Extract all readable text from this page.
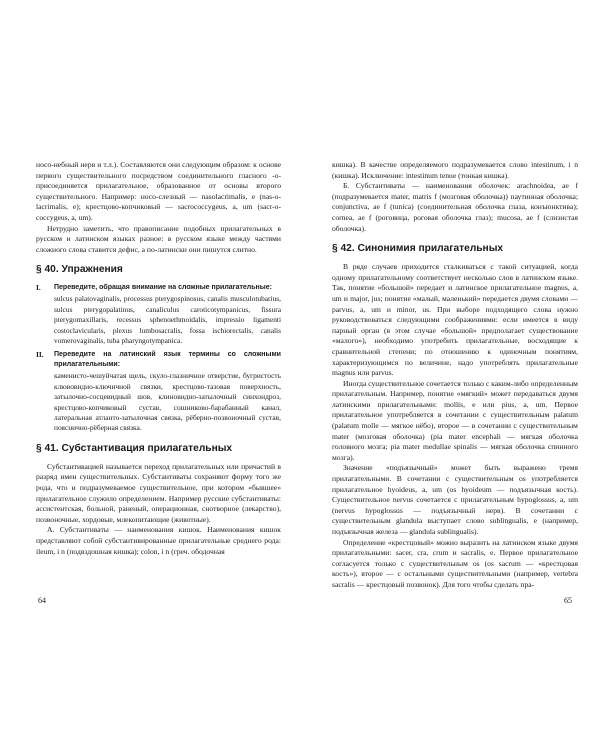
носо-небный нерв и т.л.). Составляются они следующим образом: к основе первого существительного посредством соединительного гласного -о- присоединяется прилагательное, образованное от основы второго существительного. Например: носо-слезный — nasolacrimalis, e (nas-o-lacrimalis, e); крестцово-копчиковый — sacrococcygeus, a, um (sacr-o-coccygeus, a, um).

Нетрудно заметить, что правописание подобных прилагательных в русском и латинском языках разное: в русском языке между частями сложного слова ставится дефис, а по-латински они пишутся слитно.

§ 40. Упражнения
I.	Переведите, обращая внимание на сложные прилагательные:
sulcus palatovaginalis, processus pterygospinosus, canalis musculotubarius, sulcus pterygopalatinus, canaliculus caroticotympanicus, fissura pterygomaxillaris, recessus sphenoethmoidalis, impressio ligamenti costoclavicularis, plexus lumbosacralis, fossa ischiorectalis, canalis vomerovaginalis, tuba pharyngotympanica.
II.	Переведите на латинский язык термины со сложными прилагательными:
каменисто-чешуйчатая щель, скуло-глазничное отверстие, бугристость клювовидно-ключичной связки, крестцово-тазовая поверхность, затылочно-сосцевидный шов, клиновидно-затылочный синхондроз, крестцово-копчиковый сустав, сошниково-барабанный канал, латеральная атланто-затылочная связка, рёберно-позвоночный сустав, пояснично-рёберная связка.
§ 41. Субстантивация прилагательных

Субстантивацией называется переход прилагательных или причастий в разряд имен существительных. Субстантиваты сохраняют форму того же рода, что и подразумеваемое существительное, при котором «бывшее» прилагательное служило определением. Например русские субстантиваты: ассистентская, больной, раненый, операционная, снотворное (лекарство), позвоночные, хордовые, млекопитающие (животные).

А. Субстантиваты — наименования кишок. Наименования кишок представляют собой субстантивированные прилагательные среднего рода: ileum, i n (подвздошная кишка); colon, i n (греч. ободочная

64

кишка). В качестве определяемого подразумевается слово intestinum, i n (кишка). Исключение: intestinum tenue (тонкая кишка).

Б. Субстантиваты — наименования оболочек: arachnoidea, ae f (подразумевается mater, matris f (мозговая оболочка)) паутинная оболочка; conjunctiva, ae f (tunica) (соединительная оболочка глаза, конъюнктива); cornea, ae f (роговица, роговая оболочка глаз); mucosa, ae f (слизистая оболочка).

§ 42. Синонимия прилагательных

В ряде случаев приходится сталкиваться с такой ситуацией, когда одному прилагательному соответствует несколько слов в латинском языке. Так, понятие «большой» передает и латинское прилагательное magnus, a, um и major, jus; понятие «малый, маленький» передается двумя словами — parvus, a, um и minor, us. При выборе подходящего слова нужно руководствоваться следующими соображениями: если имеется в виду парный орган (в этом случае «большой» предполагает существование «малого»), необходимо употребить прилагательные, восходящие к сравнительной степени; по отношению к одиночным понятиям, характеризующимся по величине, надо употреблять прилагательные magnus или parvus.

Иногда существительное сочетается только с каким-либо определенным прилагательным. Например, понятие «мягкий» может передаваться двумя латинскими прилагательными: mollis, e или pius, a, um. Первое прилагательное употребляется в сочетании с существительным palatum (palatum molle — мягкое нёбо), второе — в сочетании с существительным mater (мозговая оболочка) (pia mater encephali — мягкая оболочка головного мозга; pia mater medullae spinalis — мягкая оболочка спинного мозга).

Значение «подъязычный» может быть выражено тремя прилагательными. В сочетании с существительным os употребляется прилагательное hyoideus, a, um (os hyoideum — подъязычная кость). Существительное nervus сочетается с прилагательным hypoglossus, a, um (nervus hypoglossus — подъязычный нерв). В сочетании с существительным glandula выступает слово sublingualis, e (например, подъязычная железа — glandula sublingualis).

Определение «крестцовый» можно выразить на латинском языке двумя прилагательными: sacer, cra, crum и sacralis, e. Первое прилагательное согласуется только с существительным os (os sacrum — «крестцовая кость»), второе — с остальными существительными (например, vertebra sacralis — крестцовый позвонок). Для того чтобы сделать пра-

65
